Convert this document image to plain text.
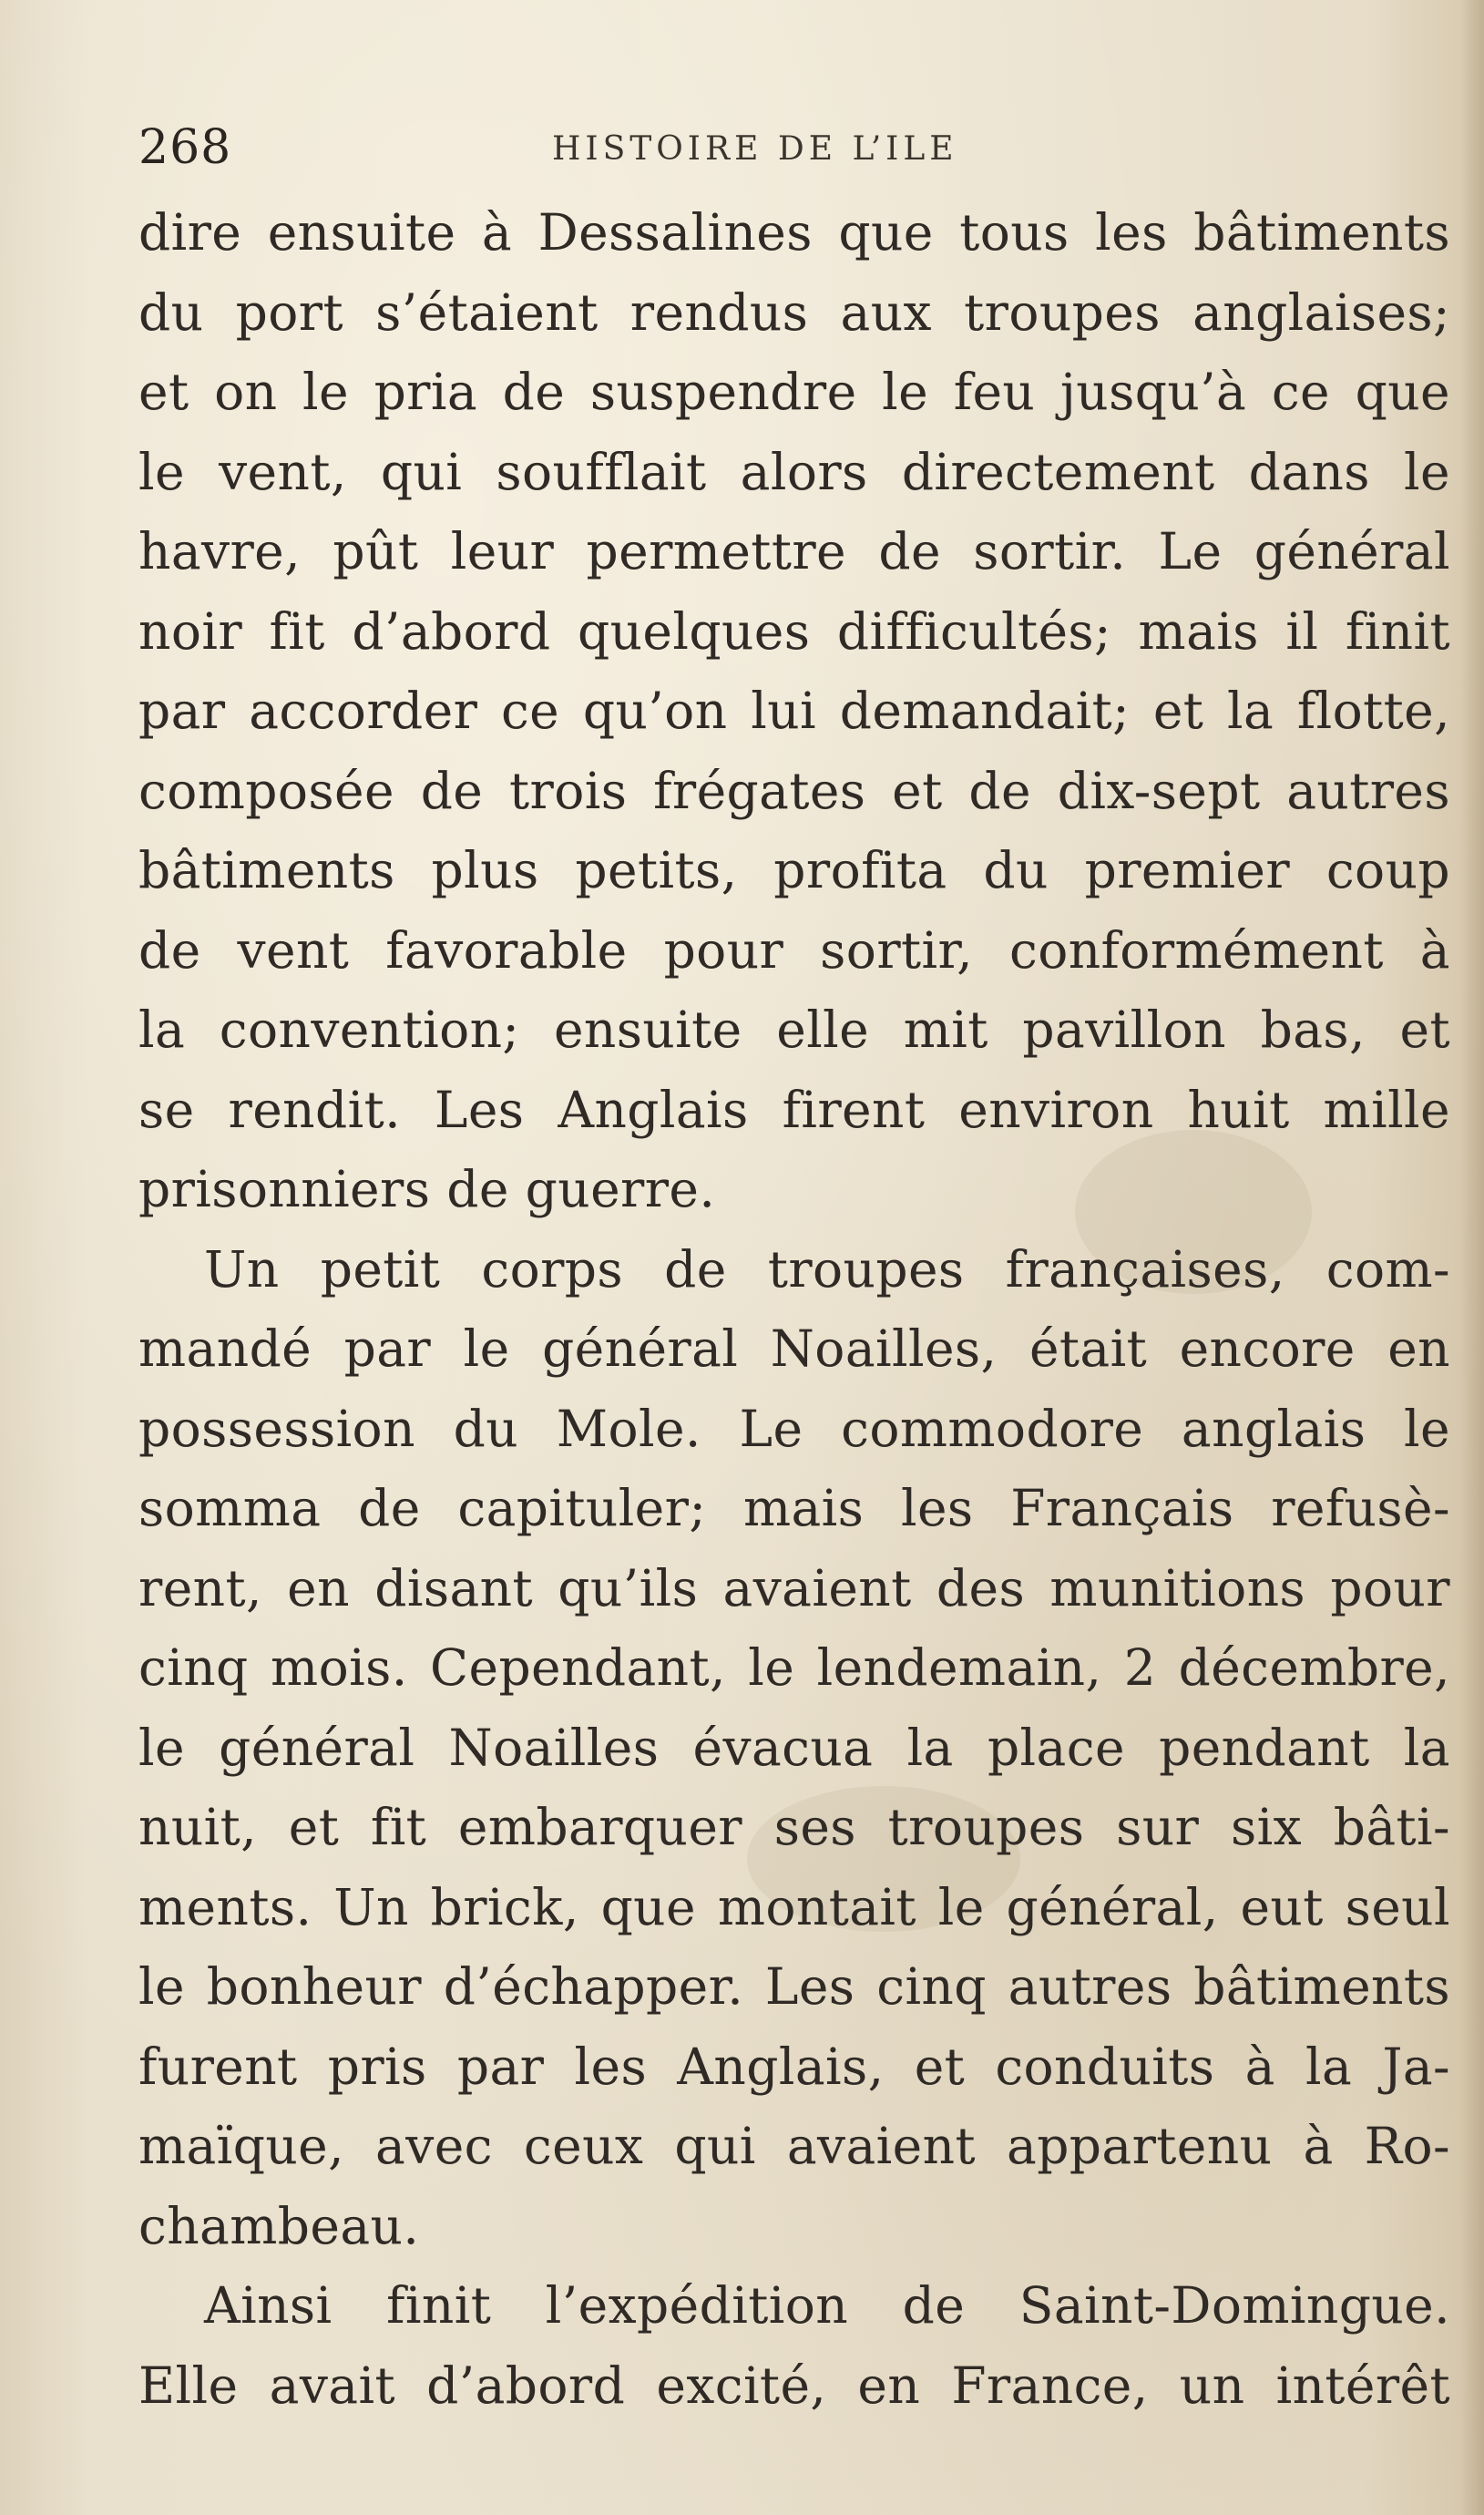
268	HISTOIRE DE L’ILE
dire ensuite à Dessalines que tous les bâtiments
du port s’étaient rendus aux troupes anglaises;
et on le pria de suspendre le feu jusqu’à ce que
le vent, qui soufflait alors directement dans le
havre, pût leur permettre de sortir. Le général
noir fit d’abord quelques difficultés; mais il finit
par accorder ce qu’on lui demandait; et la flotte,
composée de trois frégates et de dix-sept autres
bâtiments plus petits, profita du premier coup
de vent favorable pour sortir, conformément à
la convention; ensuite elle mit pavillon bas, et
se rendit. Les Anglais firent environ huit mille
prisonniers de guerre.
Un petit corps de troupes françaises, com-
mandé par le général Noailles, était encore en
possession du Mole. Le commodore anglais le
somma de capituler; mais les Français refusè-
rent, en disant qu’ils avaient des munitions pour
cinq mois. Cependant, le lendemain, 2 décembre,
le général Noailles évacua la place pendant la
nuit, et fit embarquer ses troupes sur six bâti-
ments. Un brick, que montait le général, eut seul
le bonheur d’échapper. Les cinq autres bâtiments
furent pris par les Anglais, et conduits à la Ja-
maïque, avec ceux qui avaient appartenu à Ro-
chambeau.
Ainsi finit l’expédition de Saint-Domingue.
Elle avait d’abord excité, en France, un intérêt
